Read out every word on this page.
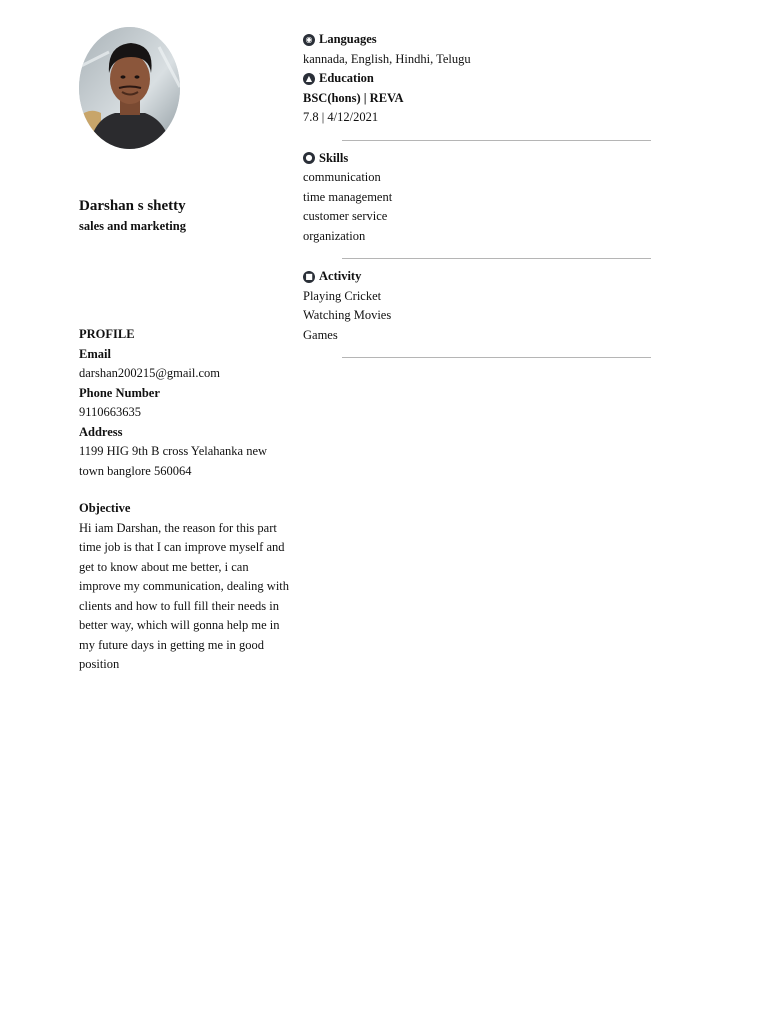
Darshan s shetty
sales and marketing
PROFILE
Email
darshan200215@gmail.com
Phone Number
9110663635
Address
1199 HIG 9th B cross Yelahanka new
town banglore 560064
Objective
Hi iam Darshan, the reason for this part
time job is that I can improve myself and
get to know about me better, i can
improve my communication, dealing with
clients and how to full fill their needs in
better way, which will gonna help me in
my future days in getting me in good
position
◉ Languages
kannada, English, Hindhi, Telugu
▲ Education
BSC(hons) | REVA
7.8 | 4/12/2021
● Skills
communication
time management
customer service
organization
■ Activity
Playing Cricket
Watching Movies
Games
